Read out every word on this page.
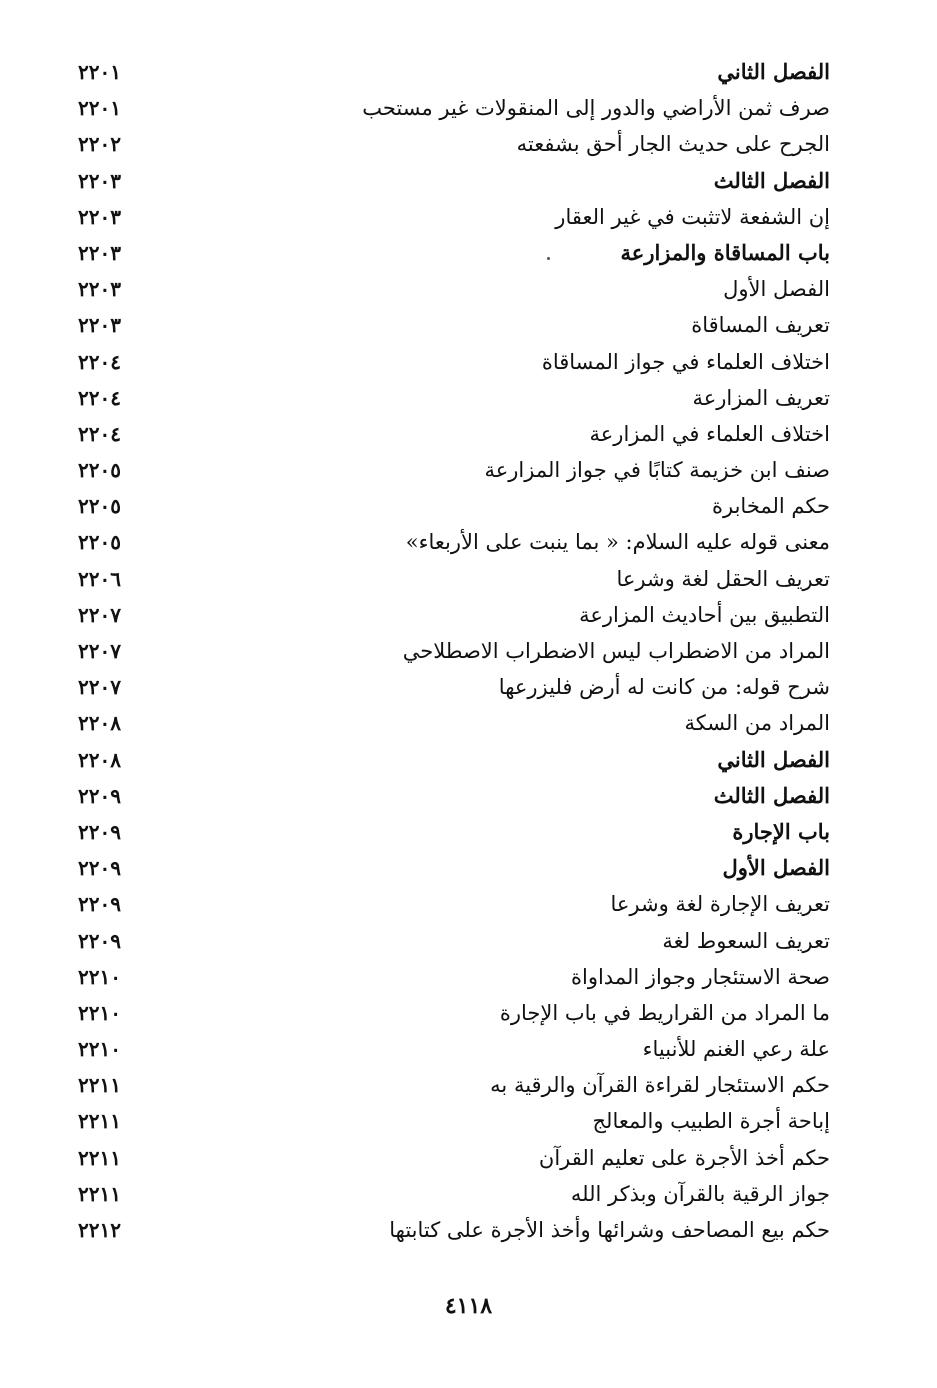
الفصل الثاني
٢٢٠١
صرف ثمن الأراضي والدور إلى المنقولات غير مستحب
٢٢٠١
الجرح على حديث الجار أحق بشفعته
٢٢٠٢
الفصل الثالث
٢٢٠٣
إن الشفعة لاتثبت في غير العقار
٢٢٠٣
باب المساقاة والمزارعة
٢٢٠٣
الفصل الأول
٢٢٠٣
تعريف المساقاة
٢٢٠٣
اختلاف العلماء في جواز المساقاة
٢٢٠٤
تعريف المزارعة
٢٢٠٤
اختلاف العلماء في المزارعة
٢٢٠٤
صنف ابن خزيمة كتابًا في جواز المزارعة
٢٢٠٥
حكم المخابرة
٢٢٠٥
معنى قوله عليه السلام: « بما ينبت على الأربعاء»
٢٢٠٥
تعريف الحقل لغة وشرعا
٢٢٠٦
التطبيق بين أحاديث المزارعة
٢٢٠٧
المراد من الاضطراب ليس الاضطراب الاصطلاحي
٢٢٠٧
شرح قوله: من كانت له أرض فليزرعها
٢٢٠٧
المراد من السكة
٢٢٠٨
الفصل الثاني
٢٢٠٨
الفصل الثالث
٢٢٠٩
باب الإجارة
٢٢٠٩
الفصل الأول
٢٢٠٩
تعريف الإجارة لغة وشرعا
٢٢٠٩
تعريف السعوط لغة
٢٢٠٩
صحة الاستئجار وجواز المداواة
٢٢١٠
ما المراد من القراريط في باب الإجارة
٢٢١٠
علة رعي الغنم للأنبياء
٢٢١٠
حكم الاستئجار لقراءة القرآن والرقية به
٢٢١١
إباحة أجرة الطبيب والمعالج
٢٢١١
حكم أخذ الأجرة على تعليم القرآن
٢٢١١
جواز الرقية بالقرآن وبذكر الله
٢٢١١
حكم بيع المصاحف وشرائها وأخذ الأجرة على كتابتها
٢٢١٢
٤١١٨
